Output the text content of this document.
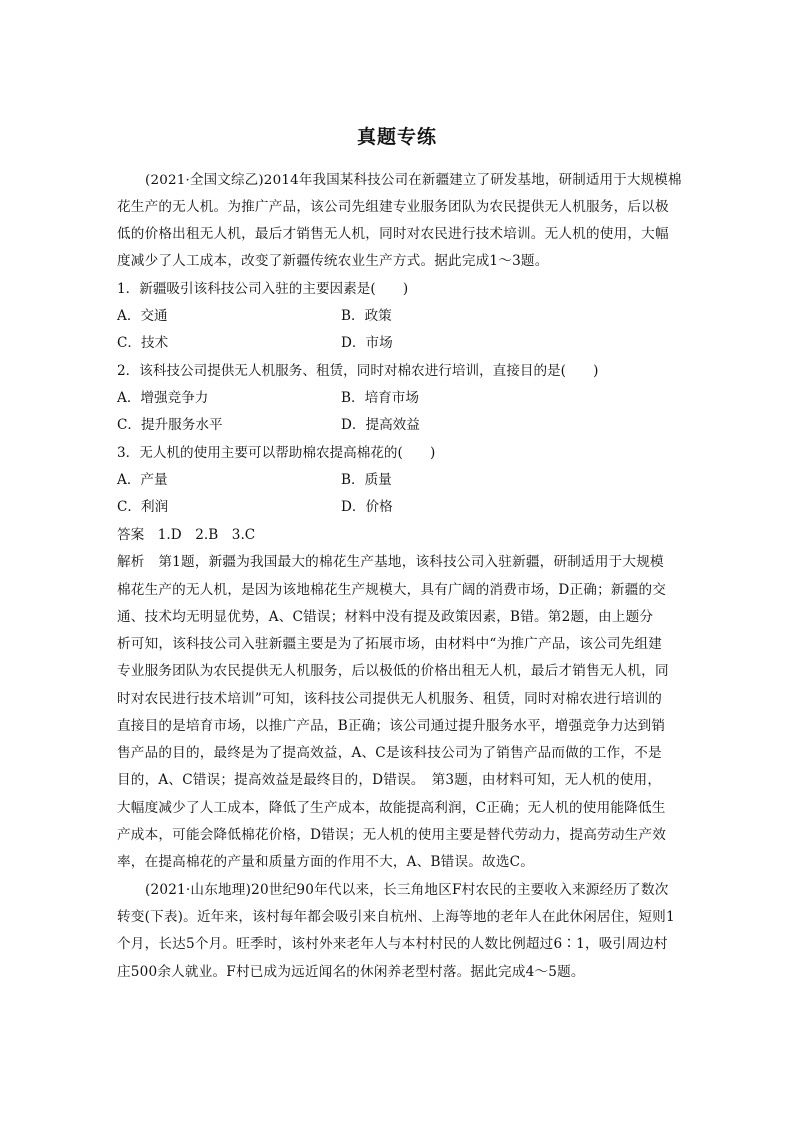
真题专练
(2021·全国文综乙)2014年我国某科技公司在新疆建立了研发基地，研制适用于大规模棉
花生产的无人机。为推广产品，该公司先组建专业服务团队为农民提供无人机服务，后以极
低的价格出租无人机，最后才销售无人机，同时对农民进行技术培训。无人机的使用，大幅
度减少了人工成本，改变了新疆传统农业生产方式。据此完成1～3题。
1．新疆吸引该科技公司入驻的主要因素是(　　)
A．交通	B．政策
C．技术	D．市场
2．该科技公司提供无人机服务、租赁，同时对棉农进行培训，直接目的是(　　)
A．增强竞争力	B．培育市场
C．提升服务水平	D．提高效益
3．无人机的使用主要可以帮助棉农提高棉花的(　　)
A．产量	B．质量
C．利润	D．价格
答案　1.D　2.B　3.C
解析　第1题，新疆为我国最大的棉花生产基地，该科技公司入驻新疆，研制适用于大规模
棉花生产的无人机，是因为该地棉花生产规模大，具有广阔的消费市场，D正确；新疆的交
通、技术均无明显优势，A、C错误；材料中没有提及政策因素，B错。第2题，由上题分
析可知，该科技公司入驻新疆主要是为了拓展市场，由材料中“为推广产品，该公司先组建
专业服务团队为农民提供无人机服务，后以极低的价格出租无人机，最后才销售无人机，同
时对农民进行技术培训”可知，该科技公司提供无人机服务、租赁，同时对棉农进行培训的
直接目的是培育市场，以推广产品，B正确；该公司通过提升服务水平，增强竞争力达到销
售产品的目的，最终是为了提高效益，A、C是该科技公司为了销售产品而做的工作，不是
目的，A、C错误；提高效益是最终目的，D错误。　第3题，由材料可知，无人机的使用，
大幅度减少了人工成本，降低了生产成本，故能提高利润，C正确；无人机的使用能降低生
产成本，可能会降低棉花价格，D错误；无人机的使用主要是替代劳动力，提高劳动生产效
率，在提高棉花的产量和质量方面的作用不大，A、B错误。故选C。
(2021·山东地理)20世纪90年代以来，长三角地区F村农民的主要收入来源经历了数次
转变(下表)。近年来，该村每年都会吸引来自杭州、上海等地的老年人在此休闲居住，短则1
个月，长达5个月。旺季时，该村外来老年人与本村村民的人数比例超过6∶1，吸引周边村
庄500余人就业。F村已成为远近闻名的休闲养老型村落。据此完成4～5题。
